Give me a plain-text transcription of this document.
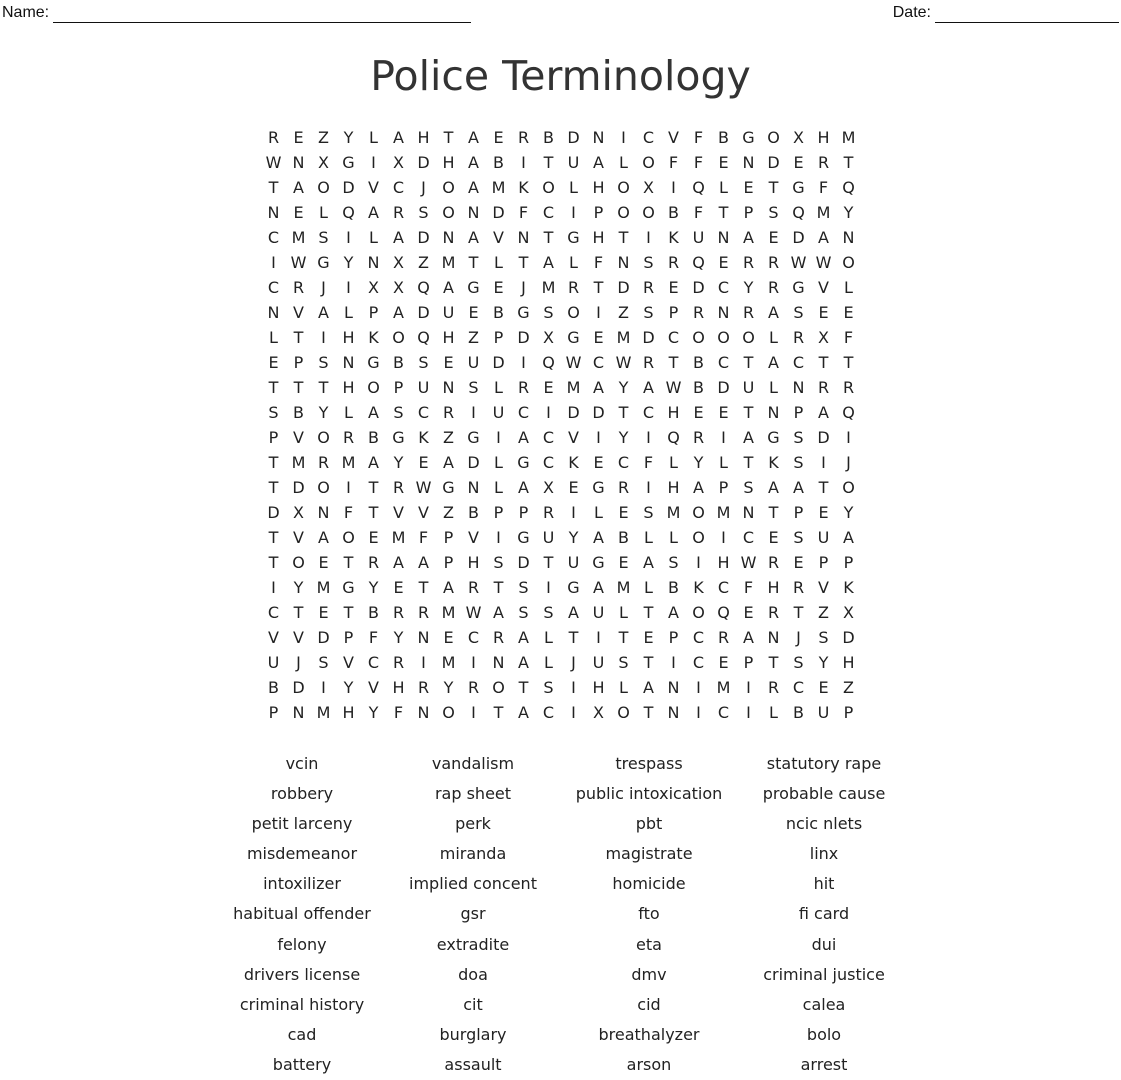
Name:	Date:
Police Terminology
R E Z Y L A H T A E R B D N	I	C V F B G O X H M
W N X G	I	X D H A B	I	T U A L O F F E N D E R T
T A O D V C	J	O A M K O L H O X	I	Q L E T G F Q
N E L Q A R S O N D F C	I	P O O B F T P S Q M Y
C M S	I	L A D N A V N T G H T	I	K U N A E D A N
I W G Y N X Z M T L T A L F N S R Q E R R W W O
C R	J	I	X X Q A G E	J M R T D R E D C Y R G V L
N V A L P A D U E B G S O	I	Z S P R N R A S E E
L T	I	H K O Q H Z P D X G E M D C O O O L R X F
E P S N G B S E U D	I	Q W C W R T B C T A C T T
T T T H O P U N S L R E M A Y A W B D U L N R R
S B Y L A S C R	I	U C	I	D D T C H E E T N P A Q
P V O R B G K Z G	I	A C V	I	Y	I	Q R	I	A G S D	I
T M R M A Y E A D L G C K E C F L Y L T K S	I	J
T D O	I	T R W G N L A X E G R	I	H A P S A A T O
D X N F T V V Z B P P R	I	L E S M O M N T P E Y
T V A O E M F P V	I	G U Y A B L	L O	I	C E S U A
T O E T R A A P H S D T U G E A S	I	H W R E P P
I	Y M G Y E T A R T S	I	G A M L B K C F H R V K
C T E T B R R M W A S S A U L T A O Q E R T Z X
V V D P F Y N E C R A L T	I	T E P C R A N	J	S D
U	J	S V C R	I M I	N A L	J	U S T	I	C E P T S Y H
B D	I	Y V H R Y R O T S	I	H L A N	I M I	R C E Z
P N M H Y F N O	I	T A C	I	X O T N	I	C	I	L B U P
vcin	vandalism	trespass	statutory rape
robbery	rap sheet	public intoxication	probable cause
petit larceny	perk	pbt	ncic nlets
misdemeanor	miranda	magistrate	linx
intoxilizer	implied concent	homicide	hit
habitual offender	gsr	fto	fi card
felony	extradite	eta	dui
drivers license	doa	dmv	criminal justice
criminal history	cit	cid	calea
cad	burglary	breathalyzer	bolo
battery	assault	arson	arrest
